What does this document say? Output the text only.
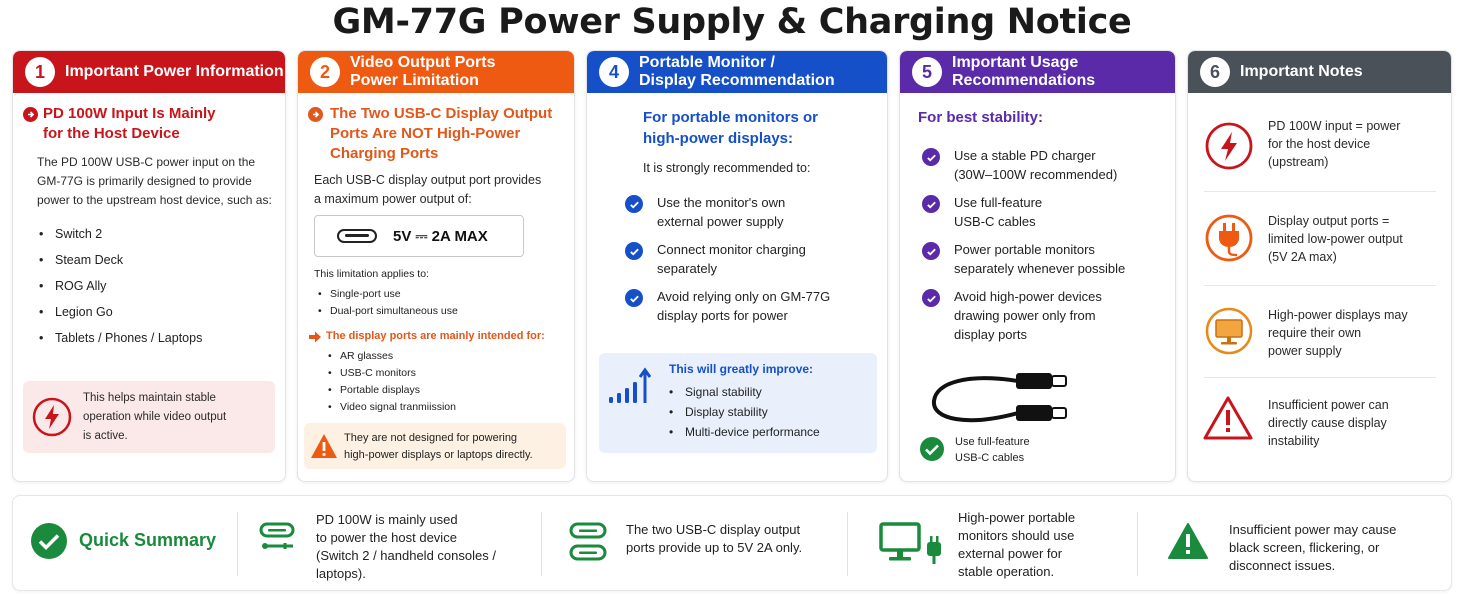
GM-77G Power Supply & Charging Notice
1	Important Power Information
PD 100W Input Is Mainly
for the Host Device
The PD 100W USB-C power input on the
GM-77G is primarily designed to provide
power to the upstream host device, such as:
• Switch 2
• Steam Deck
• ROG Ally
• Legion Go
• Tablets / Phones / Laptops
This helps maintain stable
operation while video output
is active.
2	Video Output Ports
Power Limitation
The Two USB-C Display Output
Ports Are NOT High-Power
Charging Ports
Each USB-C display output port provides
a maximum power output of:
5V ⎓ 2A MAX
This limitation applies to:
• Single-port use
• Dual-port simultaneous use
The display ports are mainly intended for:
• AR glasses
• USB-C monitors
• Portable displays
• Video signal tranmiission
They are not designed for powering
high-power displays or laptops directly.
4	Portable Monitor /
Display Recommendation
For portable monitors or
high-power displays:
It is strongly recommended to:
Use the monitor's own
external power supply
Connect monitor charging
separately
Avoid relying only on GM-77G
display ports for power
This will greatly improve:
• Signal stability
• Display stability
• Multi-device performance
5	Important Usage
Recommendations
For best stability:
Use a stable PD charger
(30W–100W recommended)
Use full-feature
USB-C cables
Power portable monitors
separately whenever possible
Avoid high-power devices
drawing power only from
display ports
Use full-feature
USB-C cables
6	Important Notes
PD 100W input = power
for the host device
(upstream)
Display output ports =
limited low-power output
(5V 2A max)
High-power displays may
require their own
power supply
Insufficient power can
directly cause display
instability
Quick Summary
PD 100W is mainly used
to power the host device
(Switch 2 / handheld consoles /
laptops).
The two USB-C display output
ports provide up to 5V 2A only.
High-power portable
monitors should use
external power for
stable operation.
Insufficient power may cause
black screen, flickering, or
disconnect issues.
